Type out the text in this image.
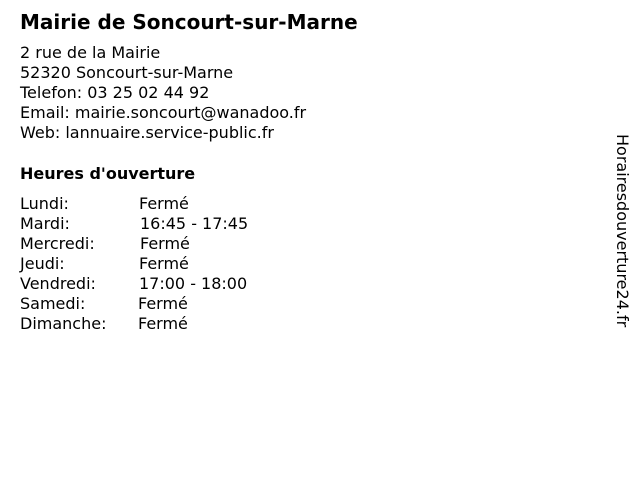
Mairie de Soncourt-sur-Marne
2 rue de la Mairie
52320 Soncourt-sur-Marne
Telefon: 03 25 02 44 92
Email: mairie.soncourt@wanadoo.fr
Web: lannuaire.service-public.fr
Heures d'ouverture
Lundi:	Fermé
Mardi:	16:45 - 17:45
Mercredi:	Fermé
Jeudi:	Fermé
Vendredi:	17:00 - 18:00
Samedi:	Fermé
Dimanche: Fermé	Horairesdouverture24.fr
